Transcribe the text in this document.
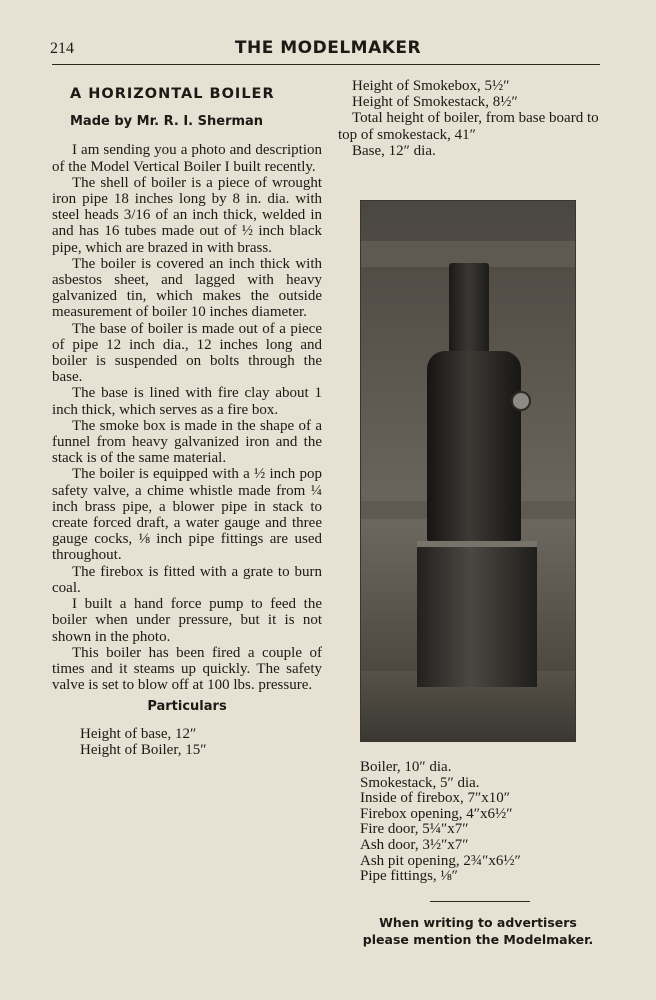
214	THE MODELMAKER
A HORIZONTAL BOILER
Made by Mr. R. I. Sherman

I am sending you a photo and description of the Model Vertical Boiler I built recently.

The shell of boiler is a piece of wrought iron pipe 18 inches long by 8 in. dia. with steel heads 3/16 of an inch thick, welded in and has 16 tubes made out of ½ inch black pipe, which are brazed in with brass.

The boiler is covered an inch thick with asbestos sheet, and lagged with heavy galvanized tin, which makes the outside measurement of boiler 10 inches diameter.

The base of boiler is made out of a piece of pipe 12 inch dia., 12 inches long and boiler is suspended on bolts through the base.

The base is lined with fire clay about 1 inch thick, which serves as a fire box.

The smoke box is made in the shape of a funnel from heavy galvanized iron and the stack is of the same material.

The boiler is equipped with a ½ inch pop safety valve, a chime whistle made from ¼ inch brass pipe, a blower pipe in stack to create forced draft, a water gauge and three gauge cocks, ⅛ inch pipe fittings are used throughout.

The firebox is fitted with a grate to burn coal.

I built a hand force pump to feed the boiler when under pressure, but it is not shown in the photo.

This boiler has been fired a couple of times and it steams up quickly. The safety valve is set to blow off at 100 lbs. pressure.

Particulars
Height of base, 12″
Height of Boiler, 15″
Height of Smokebox, 5½″
Height of Smokestack, 8½″
Total height of boiler, from base board to top of smokestack, 41″
Base, 12″ dia.
Boiler, 10″ dia.
Smokestack, 5″ dia.
Inside of firebox, 7″x10″
Firebox opening, 4″x6½″
Fire door, 5¼″x7″
Ash door, 3½″x7″
Ash pit opening, 2¾″x6½″
Pipe fittings, ⅛″
When writing to advertisers
please mention the Modelmaker.
